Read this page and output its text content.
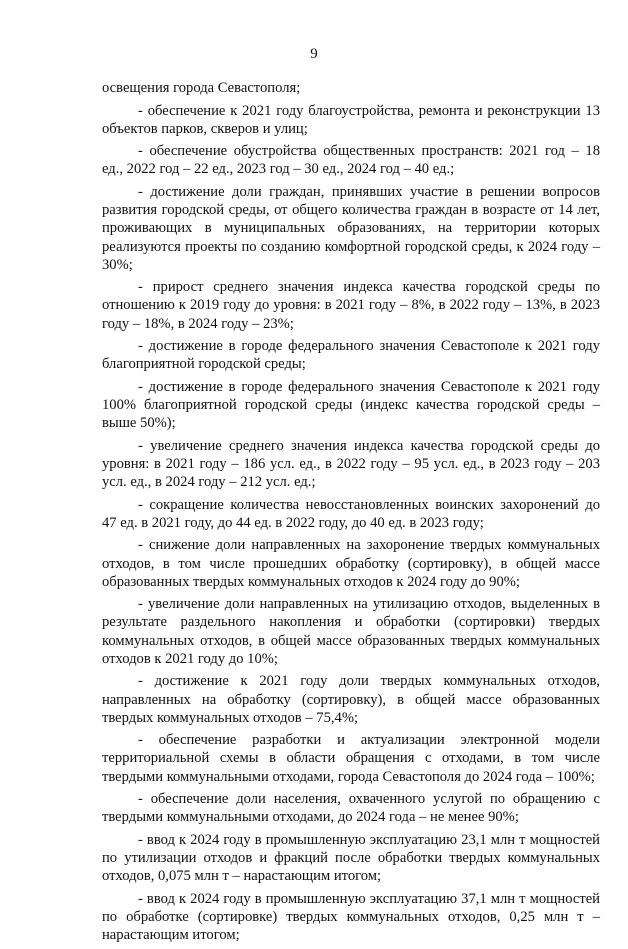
9

освещения города Севастополя;

- обеспечение к 2021 году благоустройства, ремонта и реконструкции 13 объектов парков, скверов и улиц;

- обеспечение обустройства общественных пространств: 2021 год – 18 ед., 2022 год – 22 ед., 2023 год – 30 ед., 2024 год – 40 ед.;

- достижение доли граждан, принявших участие в решении вопросов развития городской среды, от общего количества граждан в возрасте от 14 лет, проживающих в муниципальных образованиях, на территории которых реализуются проекты по созданию комфортной городской среды, к 2024 году – 30%;

- прирост среднего значения индекса качества городской среды по отношению к 2019 году до уровня: в 2021 году – 8%, в 2022 году – 13%, в 2023 году – 18%, в 2024 году – 23%;

- достижение в городе федерального значения Севастополе к 2021 году благоприятной городской среды;

- достижение в городе федерального значения Севастополе к 2021 году 100% благоприятной городской среды (индекс качества городской среды – выше 50%);

- увеличение среднего значения индекса качества городской среды до уровня: в 2021 году – 186 усл. ед., в 2022 году – 95 усл. ед., в 2023 году – 203 усл. ед., в 2024 году – 212 усл. ед.;

- сокращение количества невосстановленных воинских захоронений до 47 ед. в 2021 году, до 44 ед. в 2022 году, до 40 ед. в 2023 году;

- снижение доли направленных на захоронение твердых коммунальных отходов, в том числе прошедших обработку (сортировку), в общей массе образованных твердых коммунальных отходов к 2024 году до 90%;

- увеличение доли направленных на утилизацию отходов, выделенных в результате раздельного накопления и обработки (сортировки) твердых коммунальных отходов, в общей массе образованных твердых коммунальных отходов к 2021 году до 10%;

- достижение к 2021 году доли твердых коммунальных отходов, направленных на обработку (сортировку), в общей массе образованных твердых коммунальных отходов – 75,4%;

- обеспечение разработки и актуализации электронной модели территориальной схемы в области обращения с отходами, в том числе твердыми коммунальными отходами, города Севастополя до 2024 года – 100%;

- обеспечение доли населения, охваченного услугой по обращению с твердыми коммунальными отходами, до 2024 года – не менее 90%;

- ввод к 2024 году в промышленную эксплуатацию 23,1 млн т мощностей по утилизации отходов и фракций после обработки твердых коммунальных отходов, 0,075 млн т – нарастающим итогом;

- ввод к 2024 году в промышленную эксплуатацию 37,1 млн т мощностей по обработке (сортировке) твердых коммунальных отходов, 0,25 млн т – нарастающим итогом;
